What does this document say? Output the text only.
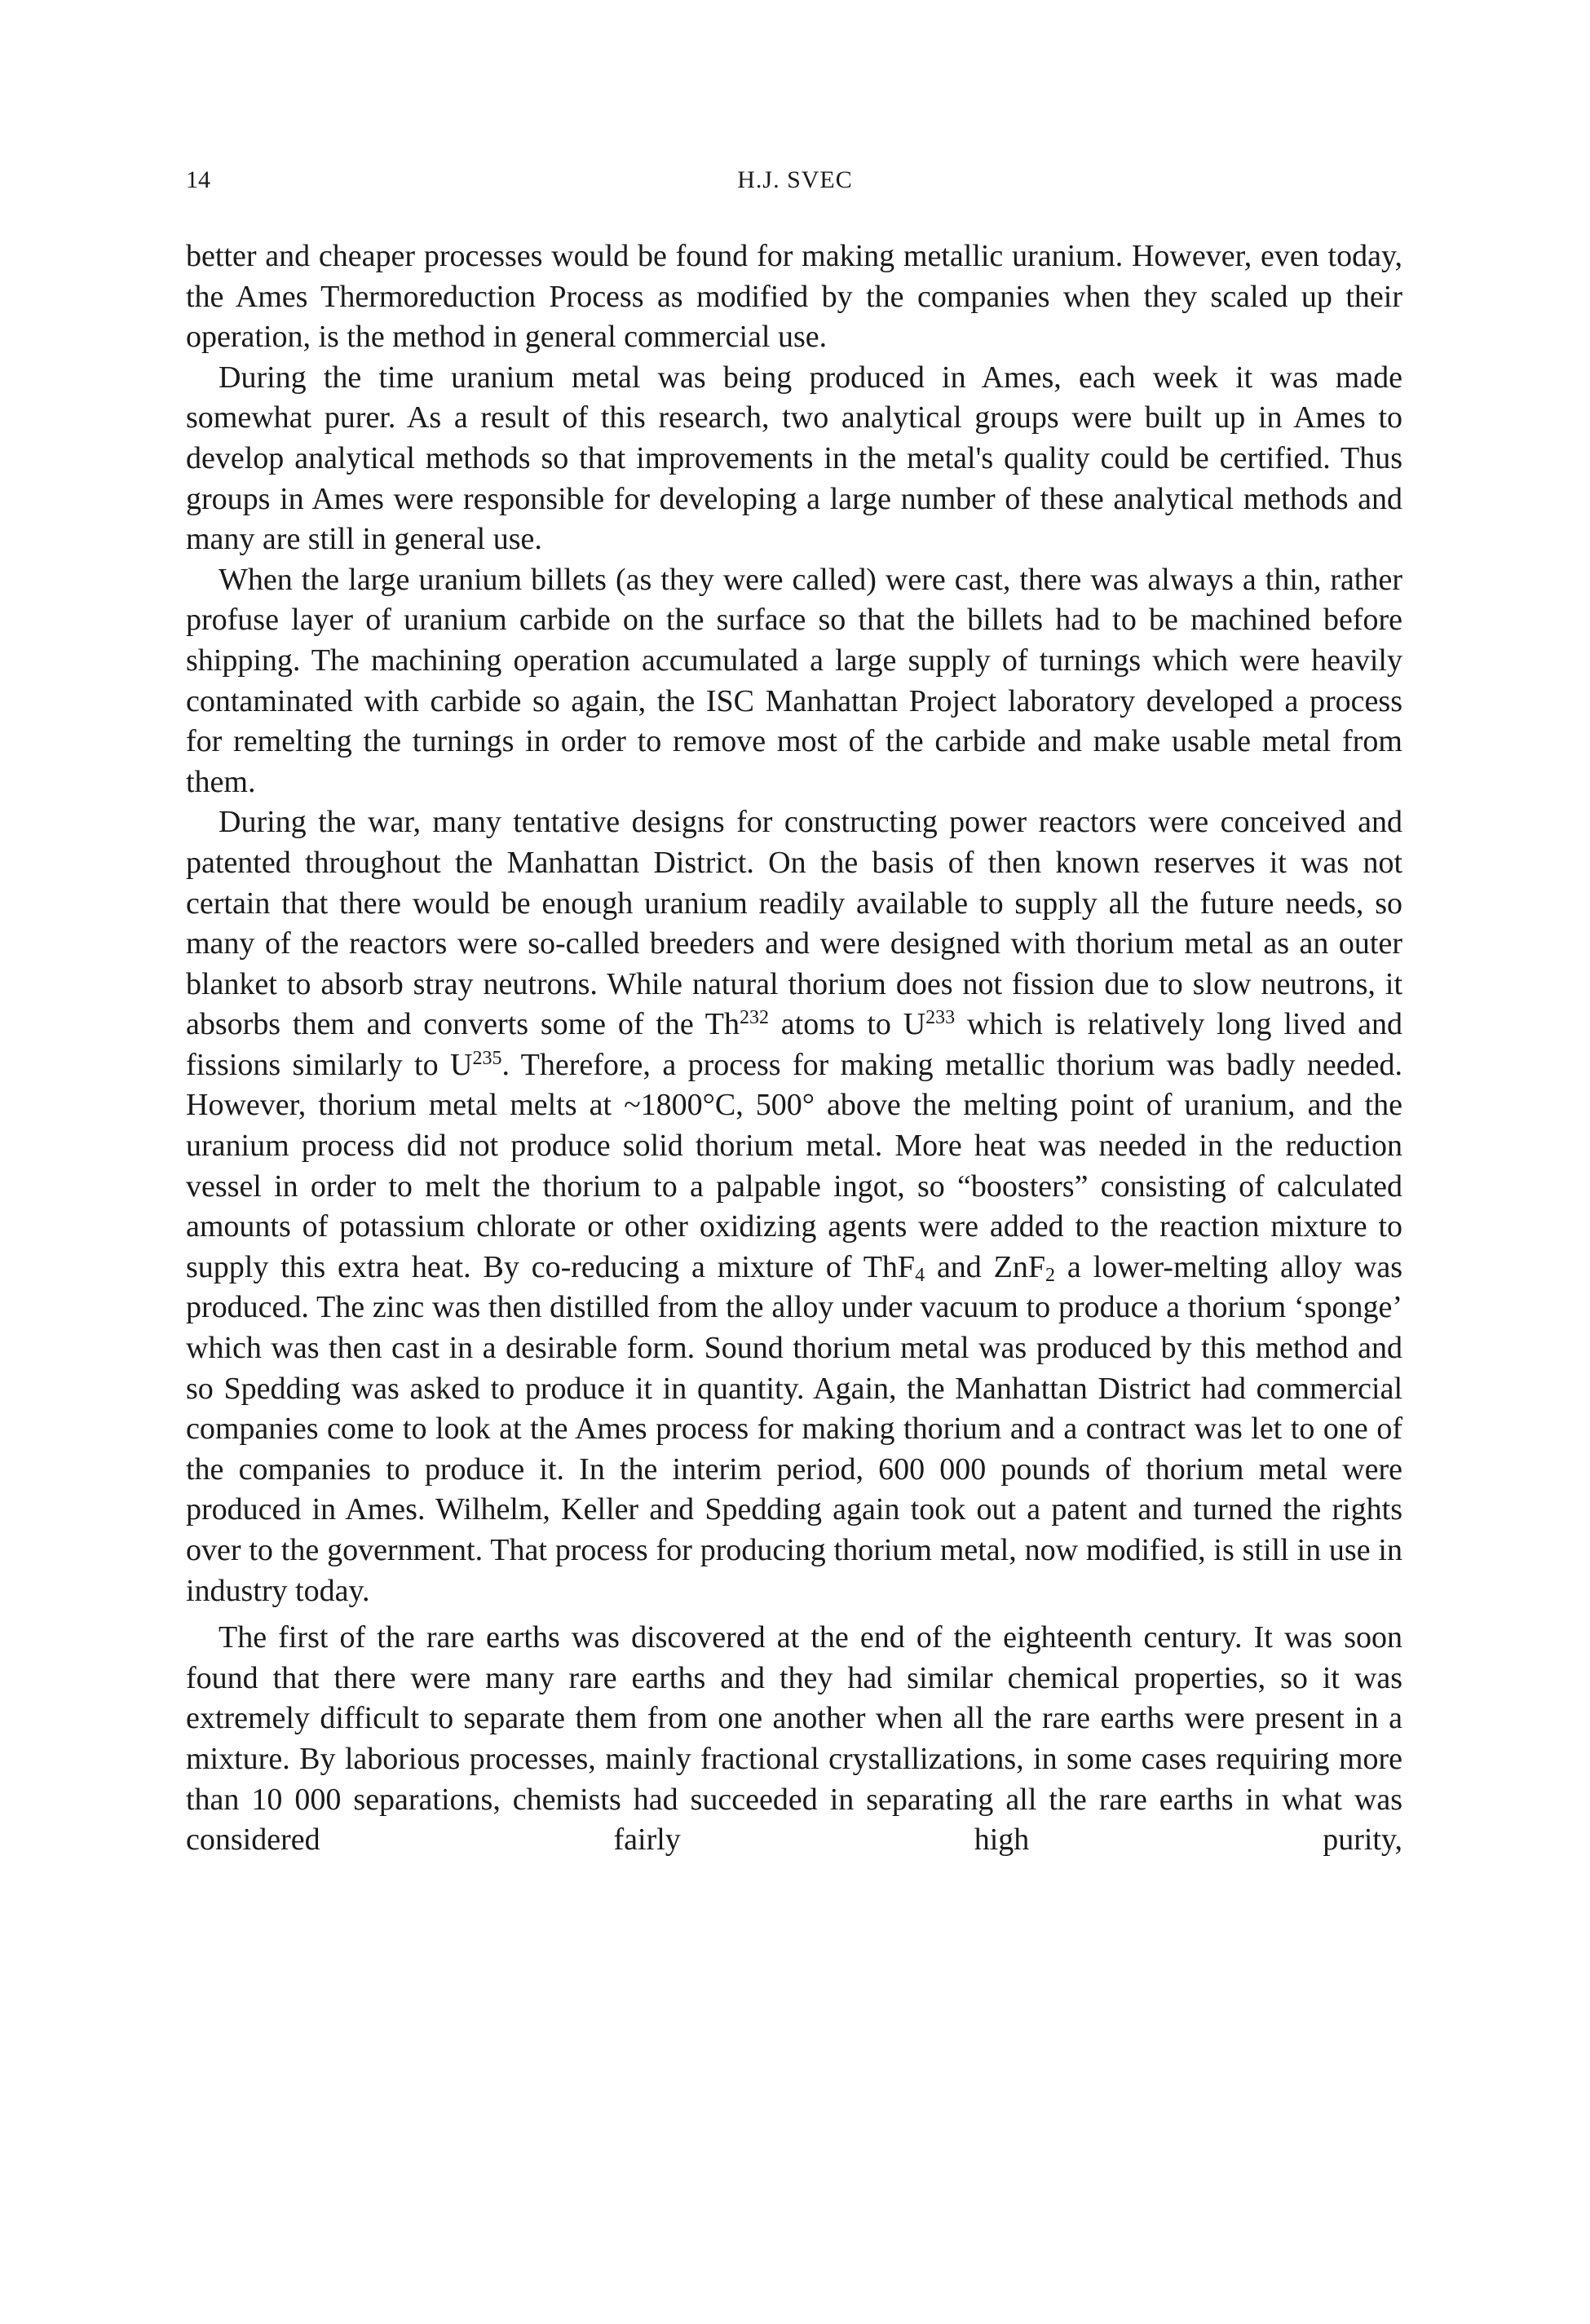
14	H.J. SVEC

better and cheaper processes would be found for making metallic uranium. However, even today, the Ames Thermoreduction Process as modified by the companies when they scaled up their operation, is the method in general commercial use.

During the time uranium metal was being produced in Ames, each week it was made somewhat purer. As a result of this research, two analytical groups were built up in Ames to develop analytical methods so that improvements in the metal's quality could be certified. Thus groups in Ames were responsible for developing a large number of these analytical methods and many are still in general use.

When the large uranium billets (as they were called) were cast, there was always a thin, rather profuse layer of uranium carbide on the surface so that the billets had to be machined before shipping. The machining operation accumulated a large supply of turnings which were heavily contaminated with carbide so again, the ISC Manhattan Project laboratory developed a process for remelting the turnings in order to remove most of the carbide and make usable metal from them.

During the war, many tentative designs for constructing power reactors were conceived and patented throughout the Manhattan District. On the basis of then known reserves it was not certain that there would be enough uranium readily available to supply all the future needs, so many of the reactors were so-called breeders and were designed with thorium metal as an outer blanket to absorb stray neutrons. While natural thorium does not fission due to slow neutrons, it absorbs them and converts some of the Th$^{232}$ atoms to $U^{233}$ which is relatively long lived and fissions similarly to $U^{235}$. Therefore, a process for making metallic thorium was badly needed. However, thorium metal melts at ~1800°C, 500° above the melting point of uranium, and the uranium process did not produce solid thorium metal. More heat was needed in the reduction vessel in order to melt the thorium to a palpable ingot, so “boosters” consisting of calculated amounts of potassium chlorate or other oxidizing agents were added to the reaction mixture to supply this extra heat. By co-reducing a mixture of ThF$_4$ and ZnF$_2$ a lower-melting alloy was produced. The zinc was then distilled from the alloy under vacuum to produce a thorium ‘sponge’ which was then cast in a desirable form. Sound thorium metal was produced by this method and so Spedding was asked to produce it in quantity. Again, the Manhattan District had commercial companies come to look at the Ames process for making thorium and a contract was let to one of the companies to produce it. In the interim period, 600 000 pounds of thorium metal were produced in Ames. Wilhelm, Keller and Spedding again took out a patent and turned the rights over to the government. That process for producing thorium metal, now modified, is still in use in industry today.

The first of the rare earths was discovered at the end of the eighteenth century. It was soon found that there were many rare earths and they had similar chemical properties, so it was extremely difficult to separate them from one another when all the rare earths were present in a mixture. By laborious processes, mainly fractional crystallizations, in some cases requiring more than 10 000 separations, chemists had succeeded in separating all the rare earths in what was considered fairly high purity,
